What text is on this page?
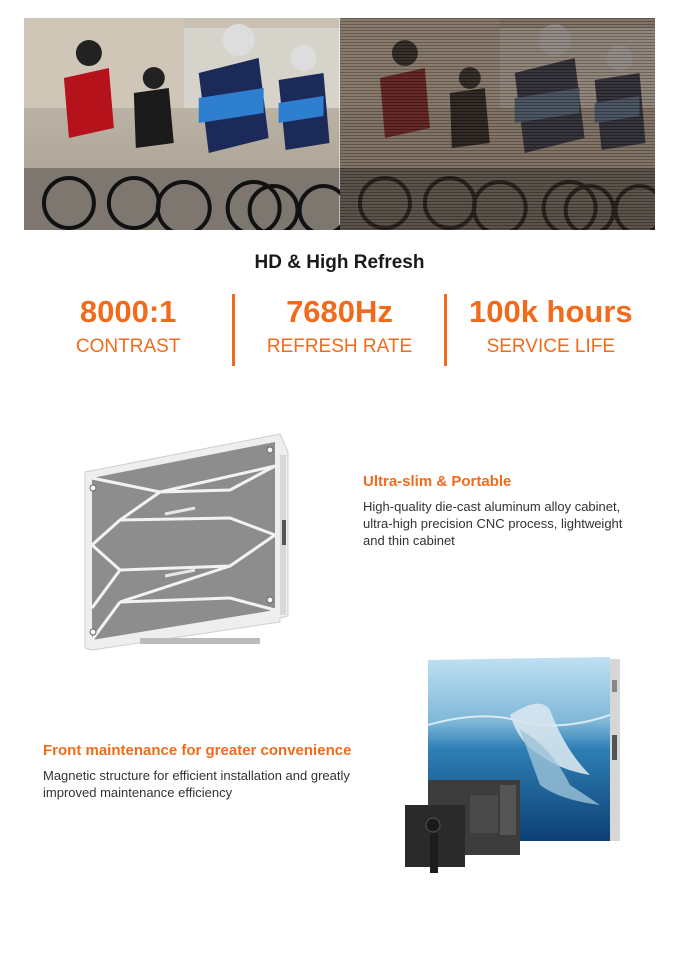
HD & High Refresh
8000:1
CONTRAST
7680Hz
REFRESH RATE
100k hours
SERVICE LIFE
Ultra-slim & Portable
High-quality die-cast aluminum alloy cabinet,
ultra-high precision CNC process, lightweight
and thin cabinet
Front maintenance for greater convenience
Magnetic structure for efficient installation and greatly
improved maintenance efficiency
